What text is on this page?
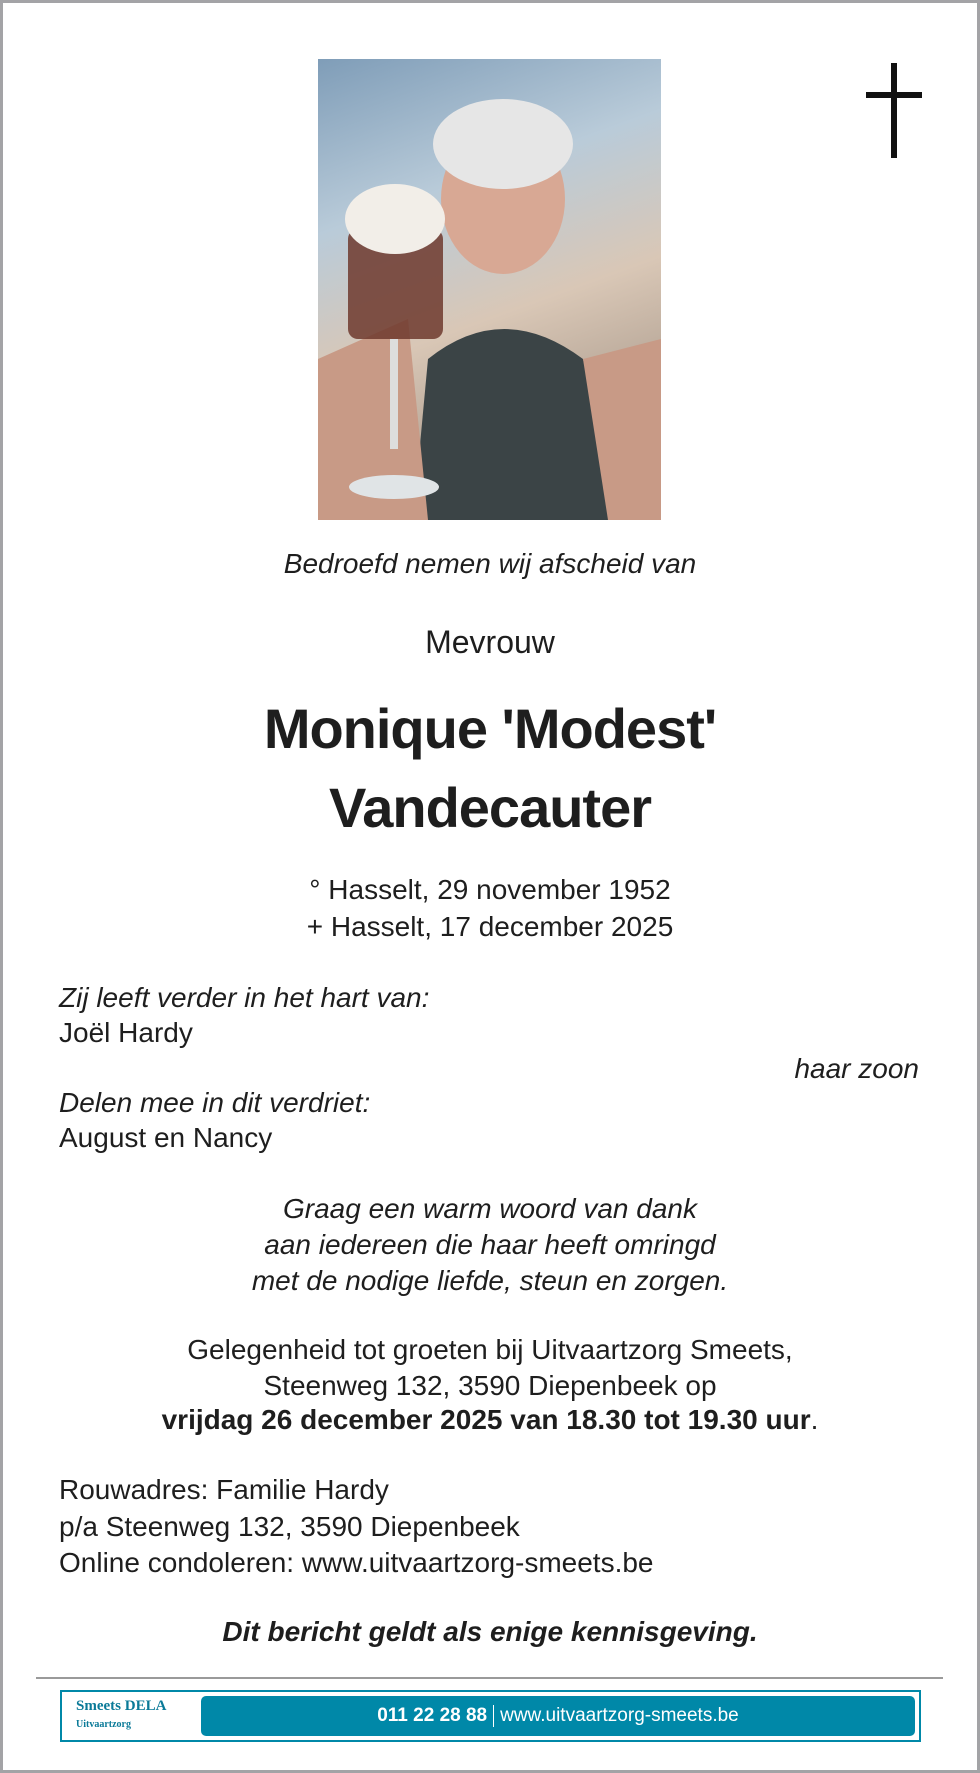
Bedroefd nemen wij afscheid van
Mevrouw
Monique 'Modest'
Vandecauter
° Hasselt, 29 november 1952
+ Hasselt, 17 december 2025
Zij leeft verder in het hart van:
Joël Hardy
haar zoon
Delen mee in dit verdriet:
August en Nancy
Graag een warm woord van dank
aan iedereen die haar heeft omringd
met de nodige liefde, steun en zorgen.
Gelegenheid tot groeten bij Uitvaartzorg Smeets,
Steenweg 132, 3590 Diepenbeek op
vrijdag 26 december 2025 van 18.30 tot 19.30 uur.
Rouwadres: Familie Hardy
p/a Steenweg 132, 3590 Diepenbeek
Online condoleren: www.uitvaartzorg-smeets.be
Dit bericht geldt als enige kennisgeving.
Smeets DELA
Uitvaartzorg	011 22 28 88 www.uitvaartzorg-smeets.be
